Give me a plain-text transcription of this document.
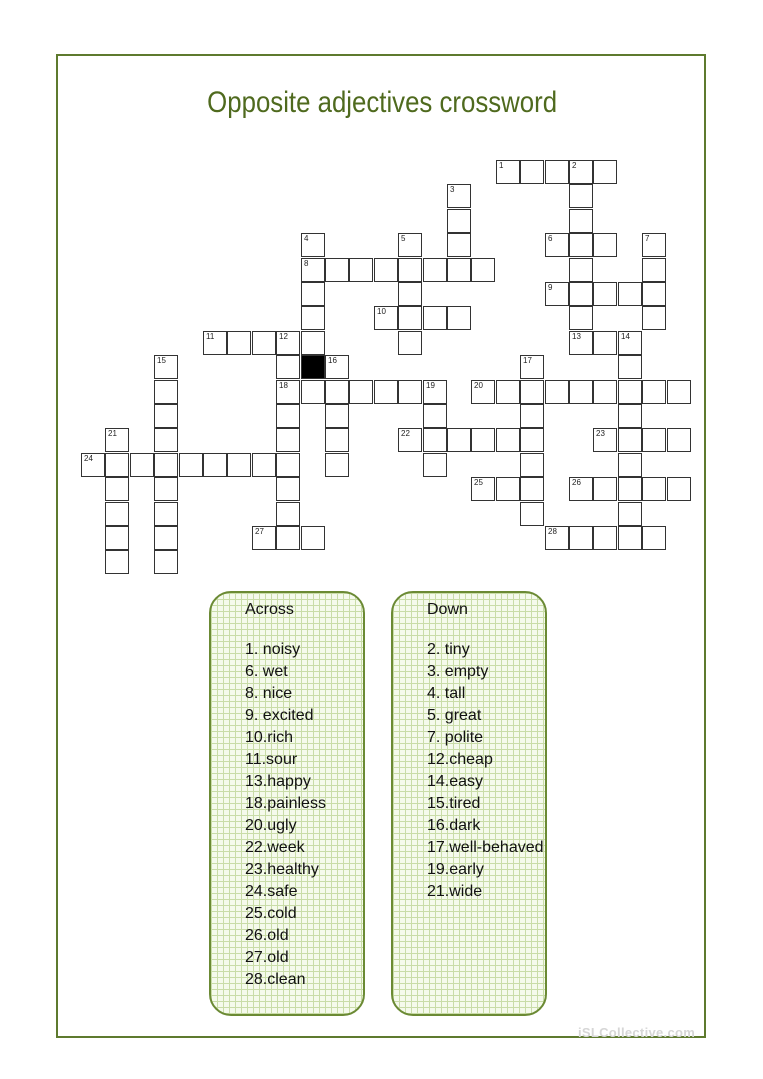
Opposite adjectives crossword
1	2
13
3
4
8
5	6	7
9
10
11	12
18
14
15	16	17
19	20
21	22	23
24
25	26
27	28
Across
1. noisy
6. wet
8. nice
9. excited
10.rich
11.sour
13.happy
18.painless
20.ugly
22.week
23.healthy
24.safe
25.cold
26.old
27.old
28.clean
Down
2. tiny
3. empty
4. tall
5. great
7. polite
12.cheap
14.easy
15.tired
16.dark
17.well-behaved
19.early
21.wide
iSLCollective.com
